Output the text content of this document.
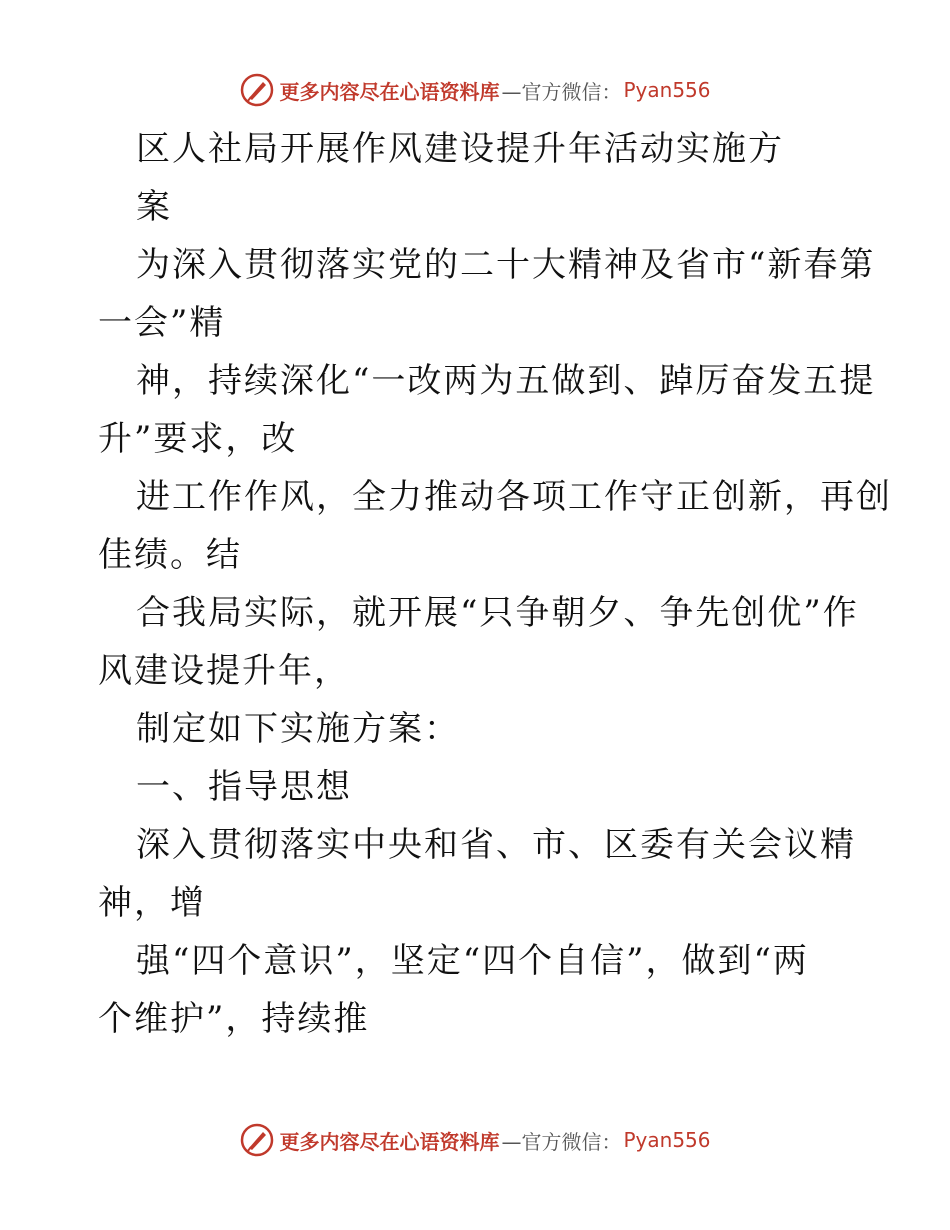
更多内容尽在心语资料库 —官方微信： Pyan556
区人社局开展作风建设提升年活动实施方
案
为深入贯彻落实党的二十大精神及省市“新春第
一会”精
神，持续深化“一改两为五做到、踔厉奋发五提
升”要求，改
进工作作风，全力推动各项工作守正创新，再创
佳绩。结
合我局实际，就开展“只争朝夕、争先创优”作
风建设提升年，
制定如下实施方案：
一、指导思想
深入贯彻落实中央和省、市、区委有关会议精
神，增
强“四个意识”，坚定“四个自信”，做到“两
个维护”，持续推
更多内容尽在心语资料库 —官方微信： Pyan556
